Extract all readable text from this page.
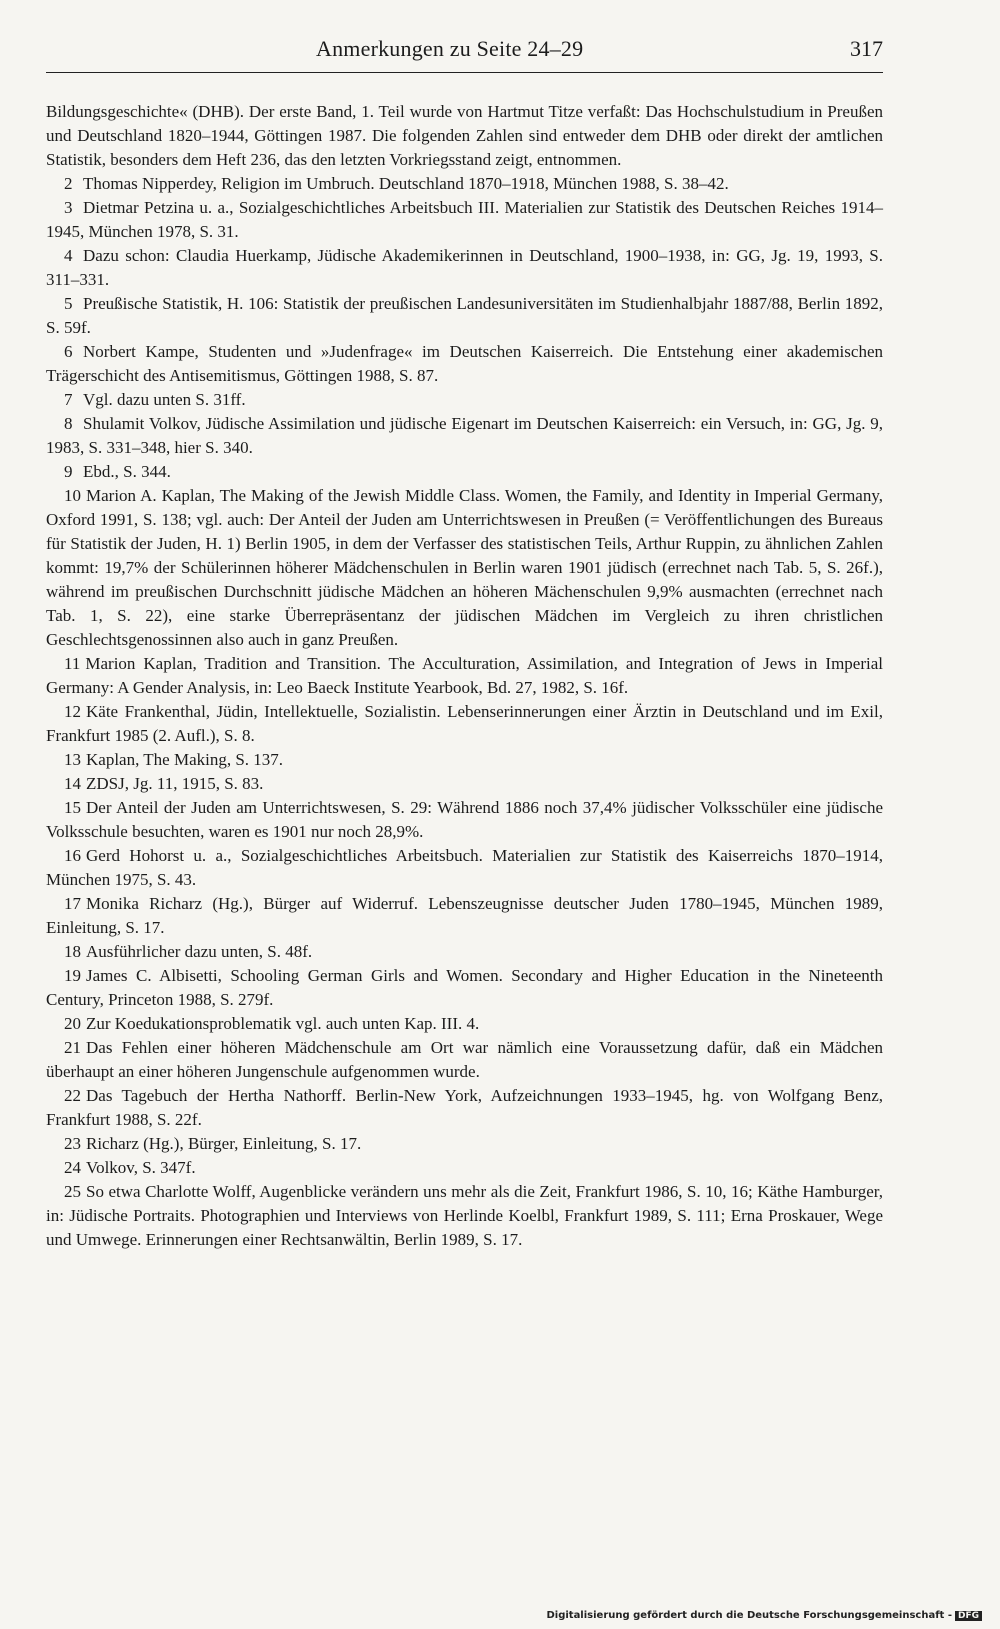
Anmerkungen zu Seite 24–29	317

Bildungsgeschichte« (DHB). Der erste Band, 1. Teil wurde von Hartmut Titze verfaßt: Das Hochschulstudium in Preußen und Deutschland 1820–1944, Göttingen 1987. Die folgenden Zahlen sind entweder dem DHB oder direkt der amtlichen Statistik, besonders dem Heft 236, das den letzten Vorkriegsstand zeigt, entnommen.

2 Thomas Nipperdey, Religion im Umbruch. Deutschland 1870–1918, München 1988, S. 38–42.

3 Dietmar Petzina u. a., Sozialgeschichtliches Arbeitsbuch III. Materialien zur Statistik des Deutschen Reiches 1914–1945, München 1978, S. 31.

4 Dazu schon: Claudia Huerkamp, Jüdische Akademikerinnen in Deutschland, 1900–1938, in: GG, Jg. 19, 1993, S. 311–331.

5 Preußische Statistik, H. 106: Statistik der preußischen Landesuniversitäten im Studienhalbjahr 1887/88, Berlin 1892, S. 59f.

6 Norbert Kampe, Studenten und »Judenfrage« im Deutschen Kaiserreich. Die Entstehung einer akademischen Trägerschicht des Antisemitismus, Göttingen 1988, S. 87.

7 Vgl. dazu unten S. 31ff.

8 Shulamit Volkov, Jüdische Assimilation und jüdische Eigenart im Deutschen Kaiserreich: ein Versuch, in: GG, Jg. 9, 1983, S. 331–348, hier S. 340.

9 Ebd., S. 344.

10 Marion A. Kaplan, The Making of the Jewish Middle Class. Women, the Family, and Identity in Imperial Germany, Oxford 1991, S. 138; vgl. auch: Der Anteil der Juden am Unterrichtswesen in Preußen (= Veröffentlichungen des Bureaus für Statistik der Juden, H. 1) Berlin 1905, in dem der Verfasser des statistischen Teils, Arthur Ruppin, zu ähnlichen Zahlen kommt: 19,7% der Schülerinnen höherer Mädchenschulen in Berlin waren 1901 jüdisch (errechnet nach Tab. 5, S. 26f.), während im preußischen Durchschnitt jüdische Mädchen an höheren Mächenschulen 9,9% ausmachten (errechnet nach Tab. 1, S. 22), eine starke Überrepräsentanz der jüdischen Mädchen im Vergleich zu ihren christlichen Geschlechtsgenossinnen also auch in ganz Preußen.

11 Marion Kaplan, Tradition and Transition. The Acculturation, Assimilation, and Integration of Jews in Imperial Germany: A Gender Analysis, in: Leo Baeck Institute Yearbook, Bd. 27, 1982, S. 16f.

12 Käte Frankenthal, Jüdin, Intellektuelle, Sozialistin. Lebenserinnerungen einer Ärztin in Deutschland und im Exil, Frankfurt 1985 (2. Aufl.), S. 8.

13 Kaplan, The Making, S. 137.

14 ZDSJ, Jg. 11, 1915, S. 83.

15 Der Anteil der Juden am Unterrichtswesen, S. 29: Während 1886 noch 37,4% jüdischer Volksschüler eine jüdische Volksschule besuchten, waren es 1901 nur noch 28,9%.

16 Gerd Hohorst u. a., Sozialgeschichtliches Arbeitsbuch. Materialien zur Statistik des Kaiserreichs 1870–1914, München 1975, S. 43.

17 Monika Richarz (Hg.), Bürger auf Widerruf. Lebenszeugnisse deutscher Juden 1780–1945, München 1989, Einleitung, S. 17.

18 Ausführlicher dazu unten, S. 48f.

19 James C. Albisetti, Schooling German Girls and Women. Secondary and Higher Education in the Nineteenth Century, Princeton 1988, S. 279f.

20 Zur Koedukationsproblematik vgl. auch unten Kap. III. 4.

21 Das Fehlen einer höheren Mädchenschule am Ort war nämlich eine Voraussetzung dafür, daß ein Mädchen überhaupt an einer höheren Jungenschule aufgenommen wurde.

22 Das Tagebuch der Hertha Nathorff. Berlin-New York, Aufzeichnungen 1933–1945, hg. von Wolfgang Benz, Frankfurt 1988, S. 22f.

23 Richarz (Hg.), Bürger, Einleitung, S. 17.

24 Volkov, S. 347f.

25 So etwa Charlotte Wolff, Augenblicke verändern uns mehr als die Zeit, Frankfurt 1986, S. 10, 16; Käthe Hamburger, in: Jüdische Portraits. Photographien und Interviews von Herlinde Koelbl, Frankfurt 1989, S. 111; Erna Proskauer, Wege und Umwege. Erinnerungen einer Rechtsanwältin, Berlin 1989, S. 17.

Digitalisierung gefördert durch die Deutsche Forschungsgemeinschaft - DFG
